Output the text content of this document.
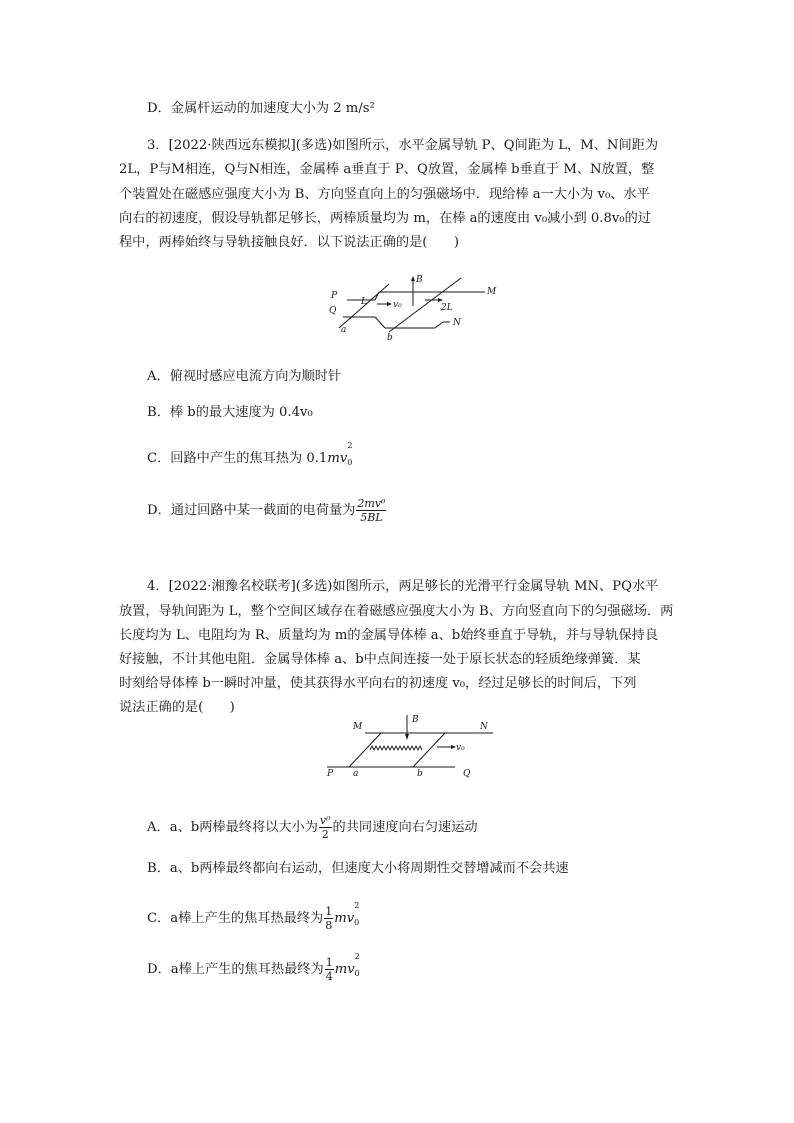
D．金属杆运动的加速度大小为 2 m/s²
3．[2022·陕西远东模拟](多选)如图所示，水平金属导轨 P、Q间距为 L，M、N间距为
2L，P与M相连，Q与N相连，金属棒 a垂直于 P、Q放置，金属棒 b垂直于 M、N放置，整
个装置处在磁感应强度大小为 B、方向竖直向上的匀强磁场中．现给棒 a一大小为 v₀、水平
向右的初速度，假设导轨都足够长，两棒质量均为 m，在棒 a的速度由 v₀减小到 0.8v₀的过
程中，两棒始终与导轨接触良好．以下说法正确的是(　　)
Q
P
L
M
N
a
b
B
2L
v₀
A．俯视时感应电流方向为顺时针
B．棒 b的最大速度为 0.4v₀
C．回路中产生的焦耳热为 $0.1mv_0^2$
D．通过回路中某一截面的电荷量为 $\frac{\text{2mv⁰}}{5BL}$
4．[2022·湘豫名校联考](多选)如图所示，两足够长的光滑平行金属导轨 MN、PQ水平
放置，导轨间距为 L，整个空间区域存在着磁感应强度大小为 B、方向竖直向下的匀强磁场．两
长度均为 L、电阻均为 R、质量均为 m的金属导体棒 a、b始终垂直于导轨，并与导轨保持良
好接触，不计其他电阻．金属导体棒 a、b中点间连接一处于原长状态的轻质绝缘弹簧．某
时刻给导体棒 b一瞬时冲量，使其获得水平向右的初速度 v₀，经过足够长的时间后，下列
说法正确的是(　　)
M	N
P	Q
a	b
B
v₀
A．a、b两棒最终将以大小为 $\frac{\text{v⁰}}{2}$ 的共同速度向右匀速运动
B．a、b两棒最终都向右运动，但速度大小将周期性交替增减而不会共速
C．a棒上产生的焦耳热最终为 $\frac{1}{8} mv_0^2$
D．a棒上产生的焦耳热最终为 $\frac{1}{4} mv_0^2$
